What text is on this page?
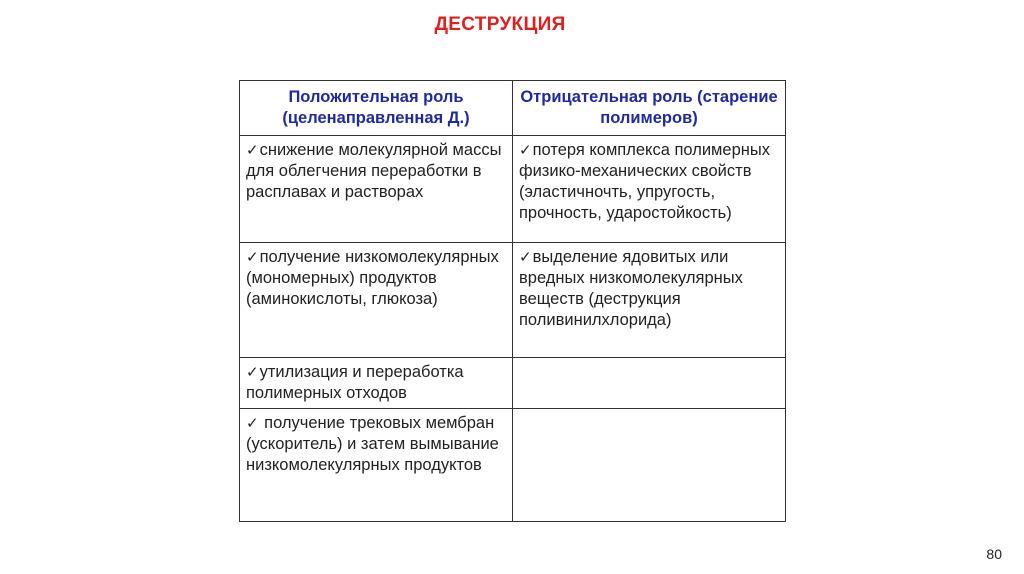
ДЕСТРУКЦИЯ
Положительная роль (целенаправленная Д.)	Отрицательная роль (старение полимеров)
✓снижение молекулярной массы для облегчения переработки в расплавах и растворах	✓потеря комплекса полимерных физико-механических свойств (эластичночть, упругость, прочность, ударостойкость)
✓получение низкомолекулярных (мономерных) продуктов (аминокислоты, глюкоза)	✓выделение ядовитых или вредных низкомолекулярных веществ (деструкция поливинилхлорида)
✓утилизация и переработка полимерных отходов	
✓ получение трековых мембран (ускоритель) и затем вымывание низкомолекулярных продуктов	
80
